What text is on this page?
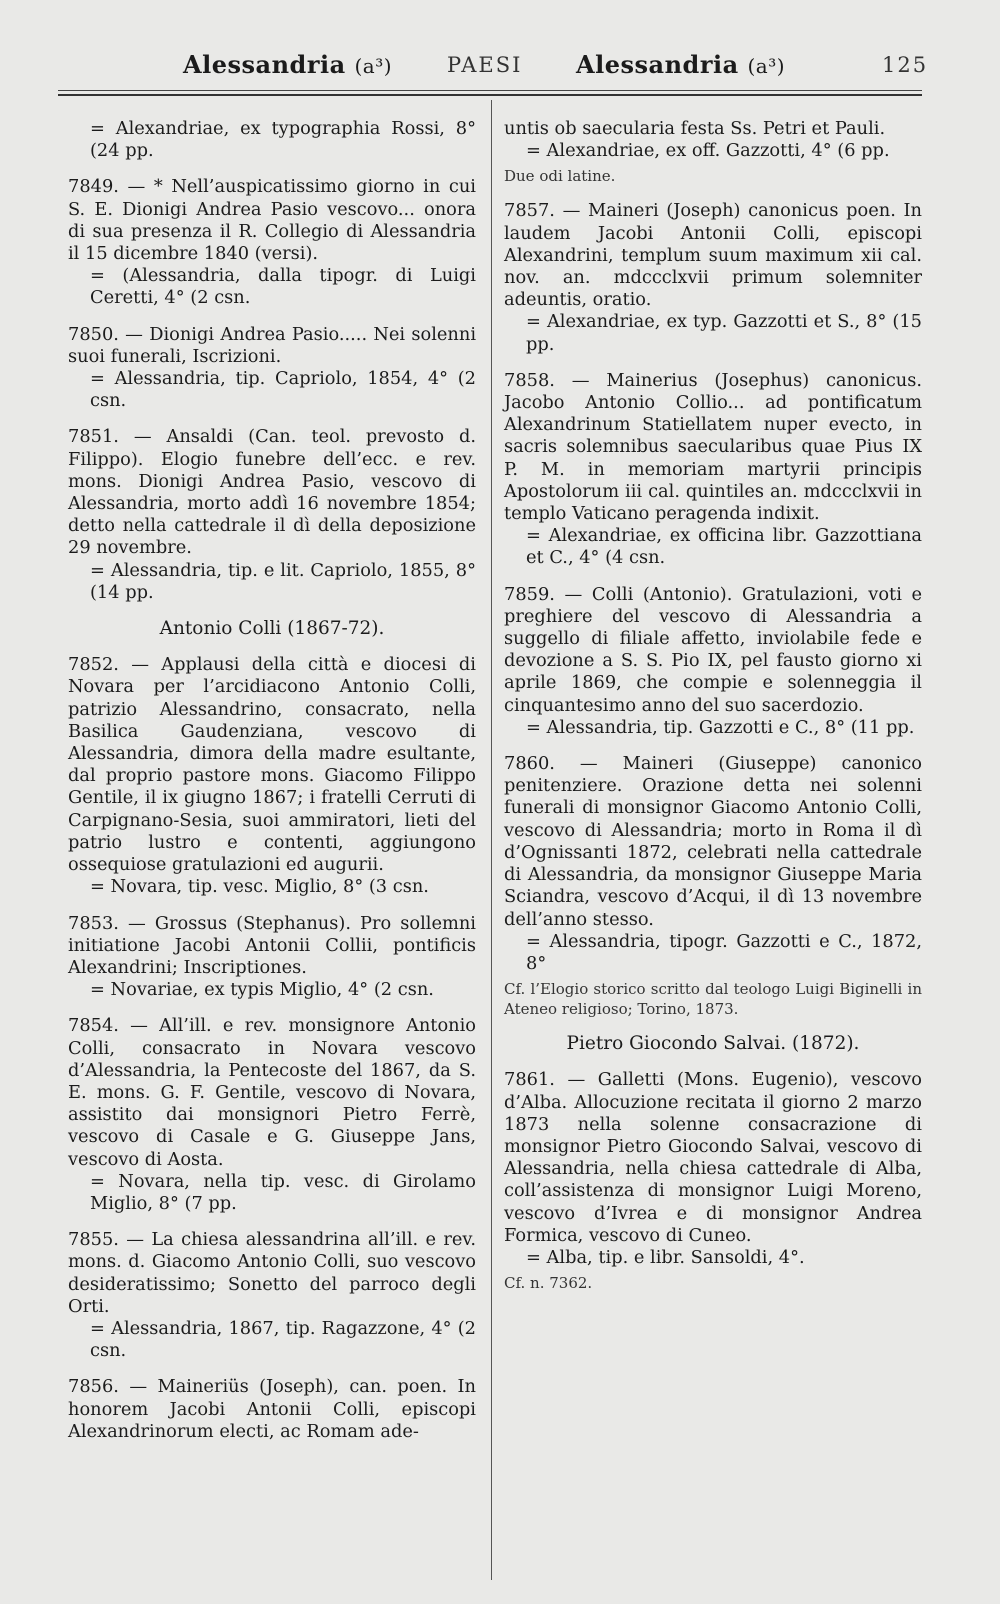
Alessandria (a³)	PAESI Alessandria (a³)	125

= Alexandriae, ex typographia Rossi, 8° (24 pp.

7849. — * Nell’auspicatissimo giorno in cui S. E. Dionigi Andrea Pasio vescovo... onora di sua presenza il R. Collegio di Alessandria il 15 dicembre 1840 (versi).

= (Alessandria, dalla tipogr. di Luigi Ceretti, 4° (2 csn.

7850. — Dionigi Andrea Pasio..... Nei solenni suoi funerali, Iscrizioni.

= Alessandria, tip. Capriolo, 1854, 4° (2 csn.

7851. — Ansaldi (Can. teol. prevosto d. Filippo). Elogio funebre dell’ecc. e rev. mons. Dionigi Andrea Pasio, vescovo di Alessandria, morto addì 16 novembre 1854; detto nella cattedrale il dì della deposizione 29 novembre.

= Alessandria, tip. e lit. Capriolo, 1855, 8° (14 pp.

Antonio Colli (1867-72).

7852. — Applausi della città e diocesi di Novara per l’arcidiacono Antonio Colli, patrizio Alessandrino, consacrato, nella Basilica Gaudenziana, vescovo di Alessandria, dimora della madre esultante, dal proprio pastore mons. Giacomo Filippo Gentile, il ix giugno 1867; i fratelli Cerruti di Carpignano-Sesia, suoi ammiratori, lieti del patrio lustro e contenti, aggiungono ossequiose gratulazioni ed augurii.

= Novara, tip. vesc. Miglio, 8° (3 csn.

7853. — Grossus (Stephanus). Pro sollemni initiatione Jacobi Antonii Collii, pontificis Alexandrini; Inscriptiones.

= Novariae, ex typis Miglio, 4° (2 csn.

7854. — All’ill. e rev. monsignore Antonio Colli, consacrato in Novara vescovo d’Alessandria, la Pentecoste del 1867, da S. E. mons. G. F. Gentile, vescovo di Novara, assistito dai monsignori Pietro Ferrè, vescovo di Casale e G. Giuseppe Jans, vescovo di Aosta.

= Novara, nella tip. vesc. di Girolamo Miglio, 8° (7 pp.

7855. — La chiesa alessandrina all’ill. e rev. mons. d. Giacomo Antonio Colli, suo vescovo desideratissimo; Sonetto del parroco degli Orti.

= Alessandria, 1867, tip. Ragazzone, 4° (2 csn.

7856. — Maineriüs (Joseph), can. poen. In honorem Jacobi Antonii Colli, episcopi Alexandrinorum electi, ac Romam ade-

untis ob saecularia festa Ss. Petri et Pauli.

= Alexandriae, ex off. Gazzotti, 4° (6 pp.

Due odi latine.

7857. — Maineri (Joseph) canonicus poen. In laudem Jacobi Antonii Colli, episcopi Alexandrini, templum suum maximum xii cal. nov. an. mdccclxvii primum solemniter adeuntis, oratio.

= Alexandriae, ex typ. Gazzotti et S., 8° (15 pp.

7858. — Mainerius (Josephus) canonicus. Jacobo Antonio Collio... ad pontificatum Alexandrinum Statiellatem nuper evecto, in sacris solemnibus saecularibus quae Pius IX P. M. in memoriam martyrii principis Apostolorum iii cal. quintiles an. mdccclxvii in templo Vaticano peragenda indixit.

= Alexandriae, ex officina libr. Gazzottiana et C., 4° (4 csn.

7859. — Colli (Antonio). Gratulazioni, voti e preghiere del vescovo di Alessandria a suggello di filiale affetto, inviolabile fede e devozione a S. S. Pio IX, pel fausto giorno xi aprile 1869, che compie e solenneggia il cinquantesimo anno del suo sacerdozio.

= Alessandria, tip. Gazzotti e C., 8° (11 pp.

7860. — Maineri (Giuseppe) canonico penitenziere. Orazione detta nei solenni funerali di monsignor Giacomo Antonio Colli, vescovo di Alessandria; morto in Roma il dì d’Ognissanti 1872, celebrati nella cattedrale di Alessandria, da monsignor Giuseppe Maria Sciandra, vescovo d’Acqui, il dì 13 novembre dell’anno stesso.

= Alessandria, tipogr. Gazzotti e C., 1872, 8°

Cf. l’Elogio storico scritto dal teologo Luigi Biginelli in Ateneo religioso; Torino, 1873.

Pietro Giocondo Salvai. (1872).

7861. — Galletti (Mons. Eugenio), vescovo d’Alba. Allocuzione recitata il giorno 2 marzo 1873 nella solenne consacrazione di monsignor Pietro Giocondo Salvai, vescovo di Alessandria, nella chiesa cattedrale di Alba, coll’assistenza di monsignor Luigi Moreno, vescovo d’Ivrea e di monsignor Andrea Formica, vescovo di Cuneo.

= Alba, tip. e libr. Sansoldi, 4°.

Cf. n. 7362.
